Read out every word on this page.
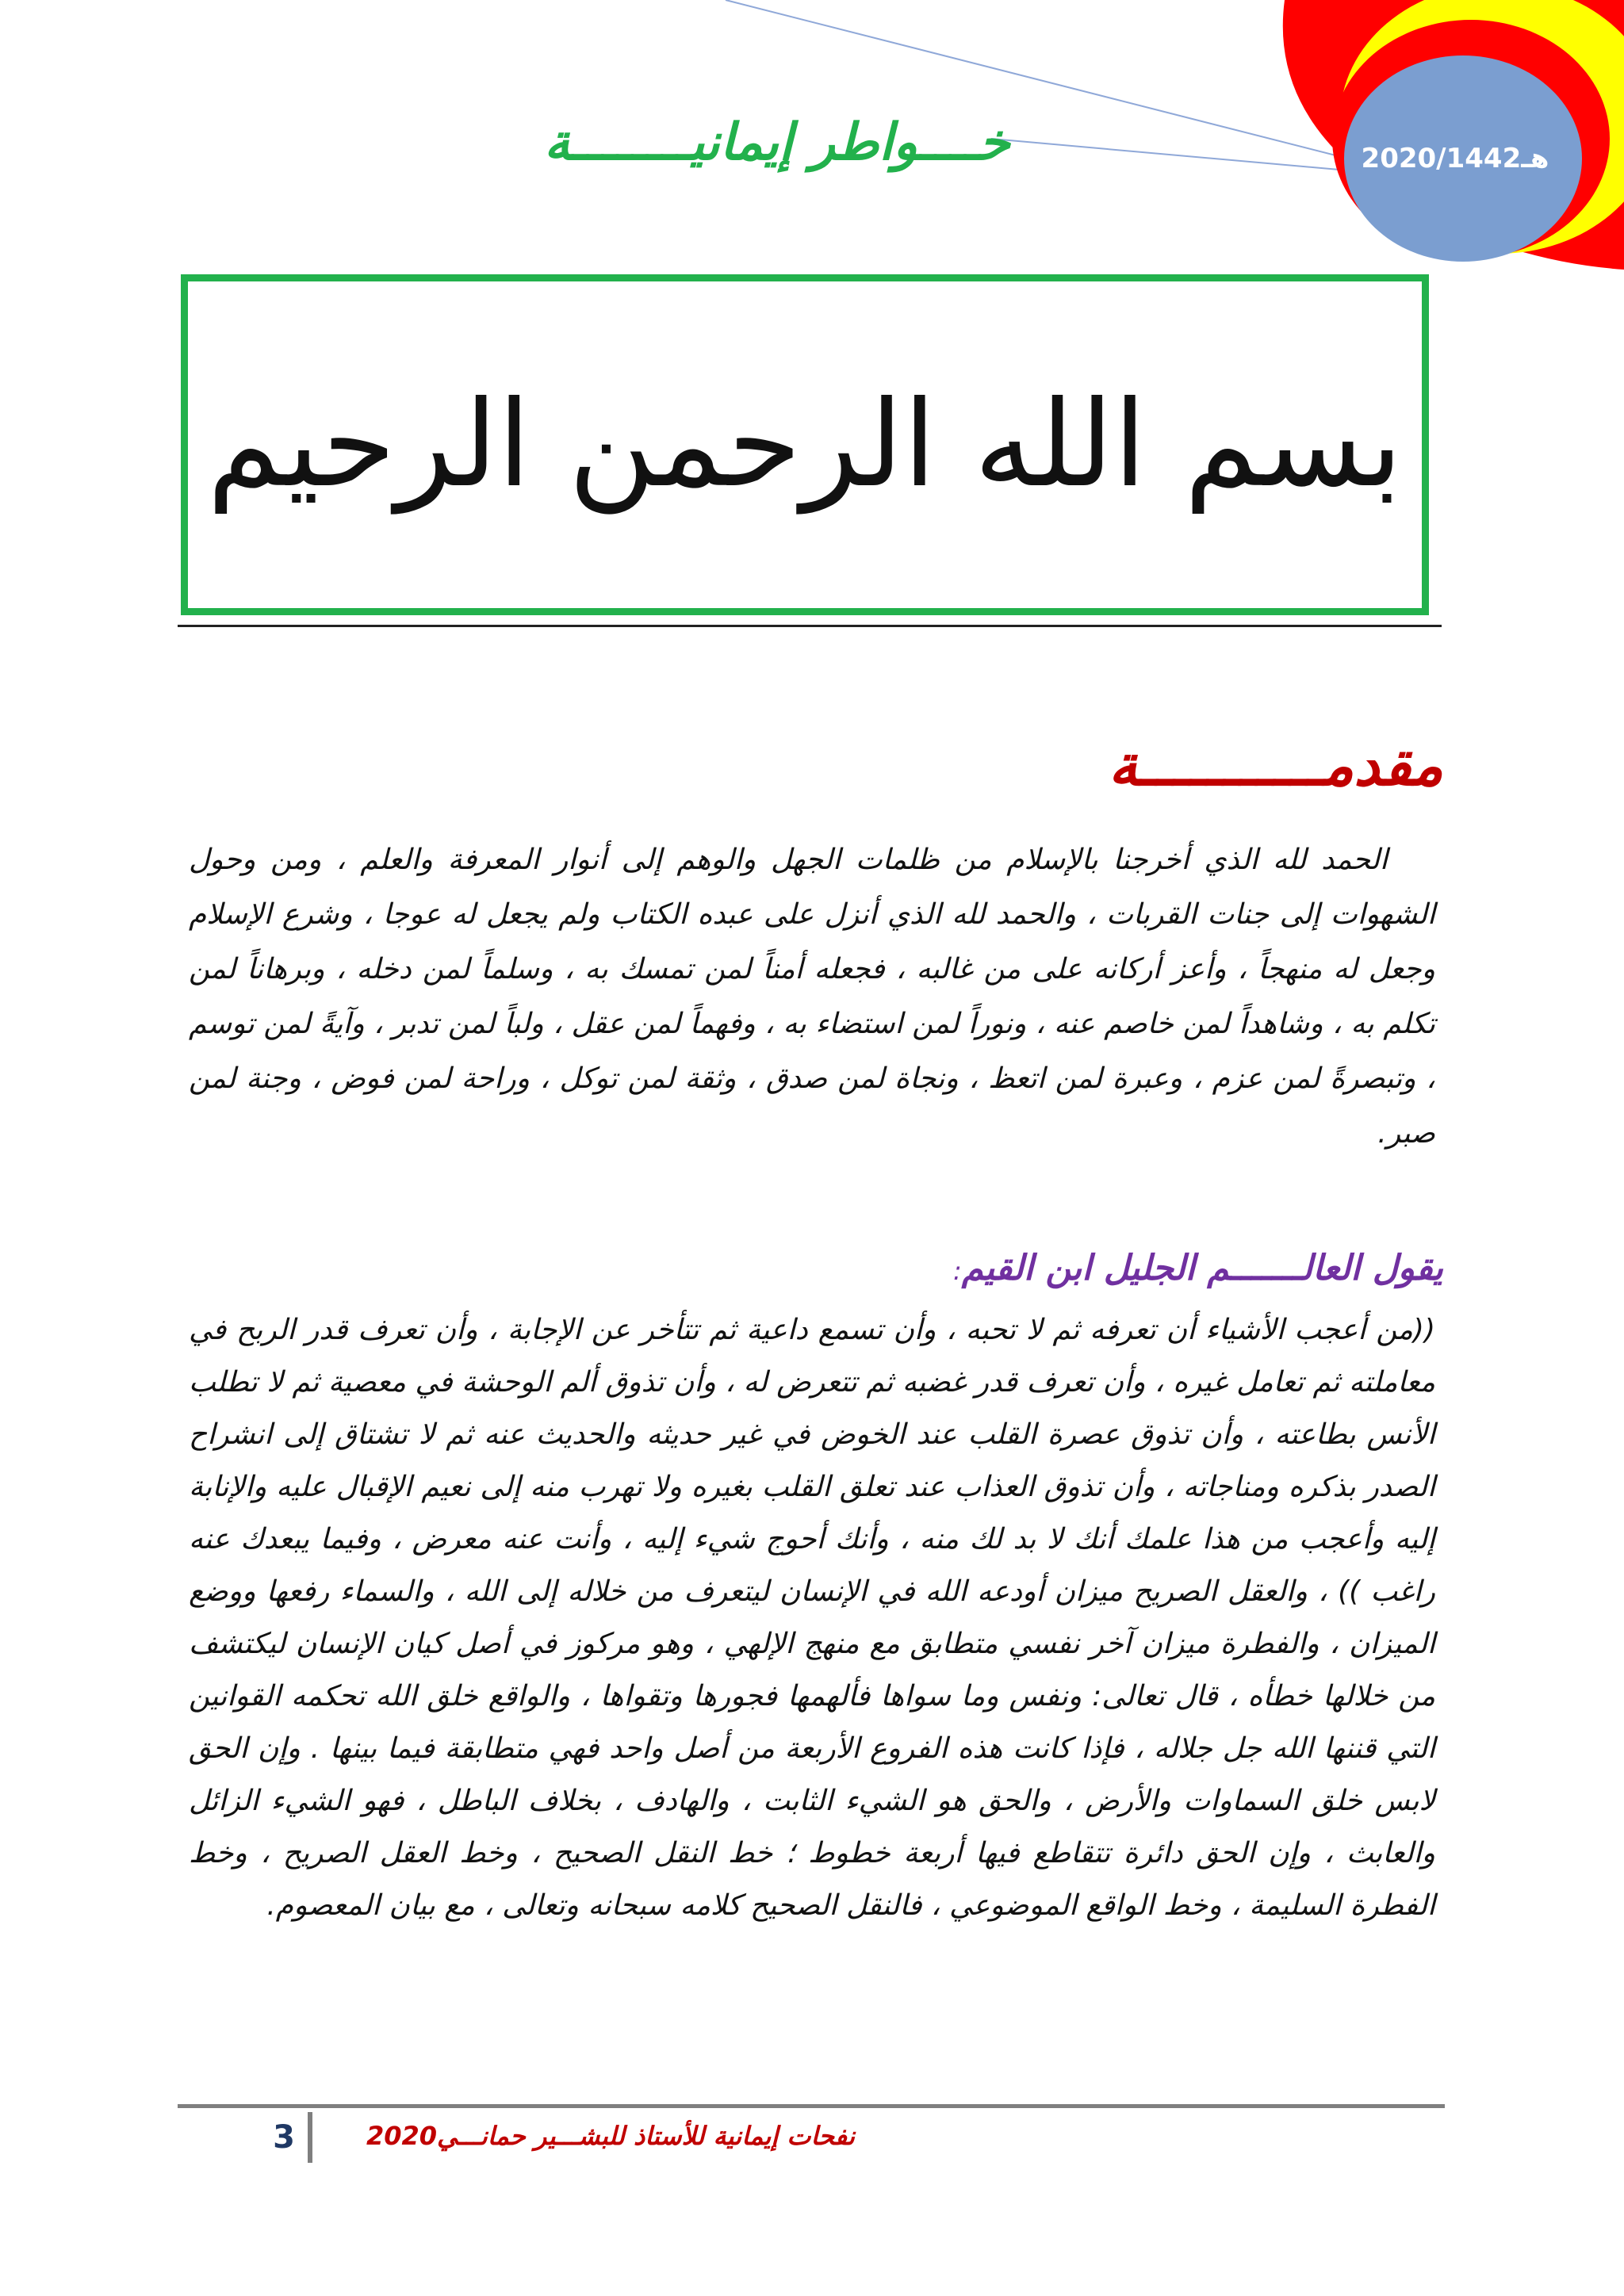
2020/هـ1442
خــــواطر إيمانيــــــــة
بسم الله الرحمن الرحيم
مقدمـــــــــــة

الحمد لله الذي أخرجنا بالإسلام من ظلمات الجهل والوهم إلى أنوار المعرفة والعلم ، ومن وحول الشهوات إلى جنات القربات ، والحمد لله الذي أنزل على عبده الكتاب ولم يجعل له عوجا ، وشرع الإسلام وجعل له منهجاً ، وأعز أركانه على من غالبه ، فجعله أمناً لمن تمسك به ، وسلماً لمن دخله ، وبرهاناً لمن تكلم به ، وشاهداً لمن خاصم عنه ، ونوراً لمن استضاء به ، وفهماً لمن عقل ، ولباً لمن تدبر ، وآيةً لمن توسم ، وتبصرةً لمن عزم ، وعبرة لمن اتعظ ، ونجاة لمن صدق ، وثقة لمن توكل ، وراحة لمن فوض ، وجنة لمن صبر.

يقول العالـــــــم الجليل ابن القيم:

((من أعجب الأشياء أن تعرفه ثم لا تحبه ، وأن تسمع داعية ثم تتأخر عن الإجابة ، وأن تعرف قدر الربح في معاملته ثم تعامل غيره ، وأن تعرف قدر غضبه ثم تتعرض له ، وأن تذوق ألم الوحشة في معصية ثم لا تطلب الأنس بطاعته ، وأن تذوق عصرة القلب عند الخوض في غير حديثه والحديث عنه ثم لا تشتاق إلى انشراح الصدر بذكره ومناجاته ، وأن تذوق العذاب عند تعلق القلب بغيره ولا تهرب منه إلى نعيم الإقبال عليه والإنابة إليه وأعجب من هذا علمك أنك لا بد لك منه ، وأنك أحوج شيء إليه ، وأنت عنه معرض ، وفيما يبعدك عنه راغب )) ، والعقل الصريح ميزان أودعه الله في الإنسان ليتعرف من خلاله إلى الله ، والسماء رفعها ووضع الميزان ، والفطرة ميزان آخر نفسي متطابق مع منهج الإلهي ، وهو مركوز في أصل كيان الإنسان ليكتشف من خلالها خطأه ، قال تعالى: ونفس وما سواها فألهمها فجورها وتقواها ، والواقع خلق الله تحكمه القوانين التي قننها الله جل جلاله ، فإذا كانت هذه الفروع الأربعة من أصل واحد فهي متطابقة فيما بينها . وإن الحق لابس خلق السماوات والأرض ، والحق هو الشيء الثابت ، والهادف ، بخلاف الباطل ، فهو الشيء الزائل والعابث ، وإن الحق دائرة تتقاطع فيها أربعة خطوط ؛ خط النقل الصحيح ، وخط العقل الصريح ، وخط الفطرة السليمة ، وخط الواقع الموضوعي ، فالنقل الصحيح كلامه سبحانه وتعالى ، مع بيان المعصوم.

نفحات إيمانية للأستاذ للبشـــير حمانـــي2020
3
